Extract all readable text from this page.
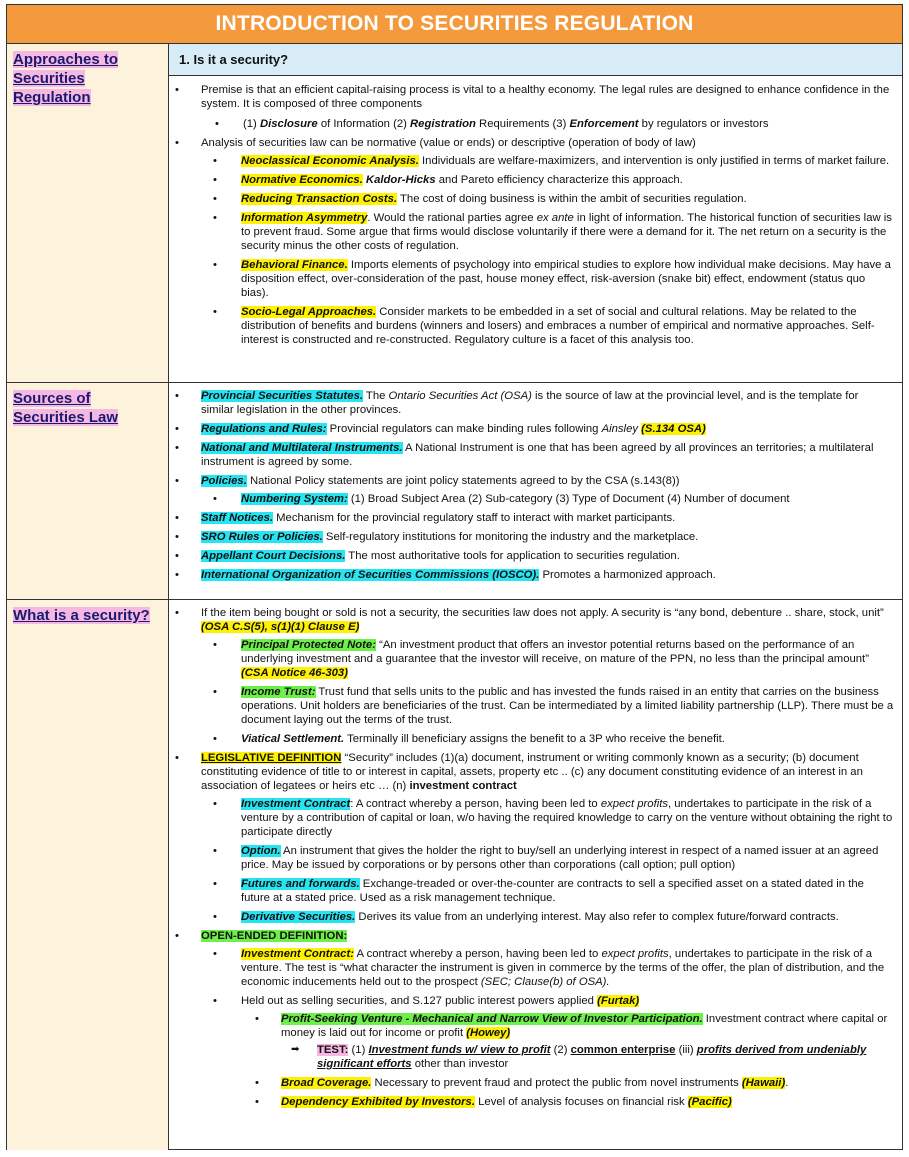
INTRODUCTION TO SECURITIES REGULATION
Approaches to Securities Regulation
1. Is it a security?
• Premise is that an efficient capital-raising process is vital to a healthy economy. The legal rules are designed to enhance confidence in the system. It is composed of three components
• (1) Disclosure of Information (2) Registration Requirements (3) Enforcement by regulators or investors
• Analysis of securities law can be normative (value or ends) or descriptive (operation of body of law)
• Neoclassical Economic Analysis. Individuals are welfare-maximizers, and intervention is only justified in terms of market failure.
• Normative Economics. Kaldor-Hicks and Pareto efficiency characterize this approach.
• Reducing Transaction Costs. The cost of doing business is within the ambit of securities regulation.
• Information Asymmetry. Would the rational parties agree ex ante in light of information. The historical function of securities law is to prevent fraud. Some argue that firms would disclose voluntarily if there were a demand for it. The net return on a security is the security minus the other costs of regulation.
• Behavioral Finance. Imports elements of psychology into empirical studies to explore how individual make decisions. May have a disposition effect, over-consideration of the past, house money effect, risk-aversion (snake bit) effect, endowment (status quo bias).
• Socio-Legal Approaches. Consider markets to be embedded in a set of social and cultural relations. May be related to the distribution of benefits and burdens (winners and losers) and embraces a number of empirical and normative approaches. Self-interest is constructed and re-constructed. Regulatory culture is a facet of this analysis too.
Sources of Securities Law
• Provincial Securities Statutes. The Ontario Securities Act (OSA) is the source of law at the provincial level, and is the template for similar legislation in the other provinces.
• Regulations and Rules: Provincial regulators can make binding rules following Ainsley (S.134 OSA)
• National and Multilateral Instruments. A National Instrument is one that has been agreed by all provinces an territories; a multilateral instrument is agreed by some.
• Policies. National Policy statements are joint policy statements agreed to by the CSA (s.143(8))
• Numbering System: (1) Broad Subject Area (2) Sub-category (3) Type of Document (4) Number of document
• Staff Notices. Mechanism for the provincial regulatory staff to interact with market participants.
• SRO Rules or Policies. Self-regulatory institutions for monitoring the industry and the marketplace.
• Appellant Court Decisions. The most authoritative tools for application to securities regulation.
• International Organization of Securities Commissions (IOSCO). Promotes a harmonized approach.
What is a security?
•	If the item being bought or sold is not a security, the securities law does not apply. A security is “any bond, debenture .. share, stock, unit” (OSA C.S(5), s(1)(1) Clause E)
• Principal Protected Note: “An investment product that offers an investor potential returns based on the performance of an underlying investment and a guarantee that the investor will receive, on mature of the PPN, no less than the principal amount” (CSA Notice 46-303)
• Income Trust: Trust fund that sells units to the public and has invested the funds raised in an entity that carries on the business operations. Unit holders are beneficiaries of the trust. Can be intermediated by a limited liability partnership (LLP). There must be a document laying out the terms of the trust.
• Viatical Settlement. Terminally ill beneficiary assigns the benefit to a 3P who receive the benefit.
• LEGISLATIVE DEFINITION “Security” includes (1)(a) document, instrument or writing commonly known as a security; (b) document constituting evidence of title to or interest in capital, assets, property etc .. (c) any document constituting evidence of an interest in an association of legatees or heirs etc … (n) investment contract
• Investment Contract: A contract whereby a person, having been led to expect profits, undertakes to participate in the risk of a venture by a contribution of capital or loan, w/o having the required knowledge to carry on the venture without obtaining the right to participate directly
• Option. An instrument that gives the holder the right to buy/sell an underlying interest in respect of a named issuer at an agreed price. May be issued by corporations or by persons other than corporations (call option; pull option)
• Futures and forwards. Exchange-treaded or over-the-counter are contracts to sell a specified asset on a stated dated in the future at a stated price. Used as a risk management technique.
• Derivative Securities. Derives its value from an underlying interest. May also refer to complex future/forward contracts.
• OPEN-ENDED DEFINITION:
• Investment Contract: A contract whereby a person, having been led to expect profits, undertakes to participate in the risk of a venture. The test is “what character the instrument is given in commerce by the terms of the offer, the plan of distribution, and the economic inducements held out to the prospect (SEC; Clause(b) of OSA).
• Held out as selling securities, and S.127 public interest powers applied (Furtak)
• Profit-Seeking Venture - Mechanical and Narrow View of Investor Participation. Investment contract where capital or money is laid out for income or profit (Howey)
➡ TEST: (1) Investment funds w/ view to profit (2) common enterprise (iii) profits derived from undeniably significant efforts other than investor
• Broad Coverage. Necessary to prevent fraud and protect the public from novel instruments (Hawaii).
• Dependency Exhibited by Investors. Level of analysis focuses on financial risk (Pacific)
